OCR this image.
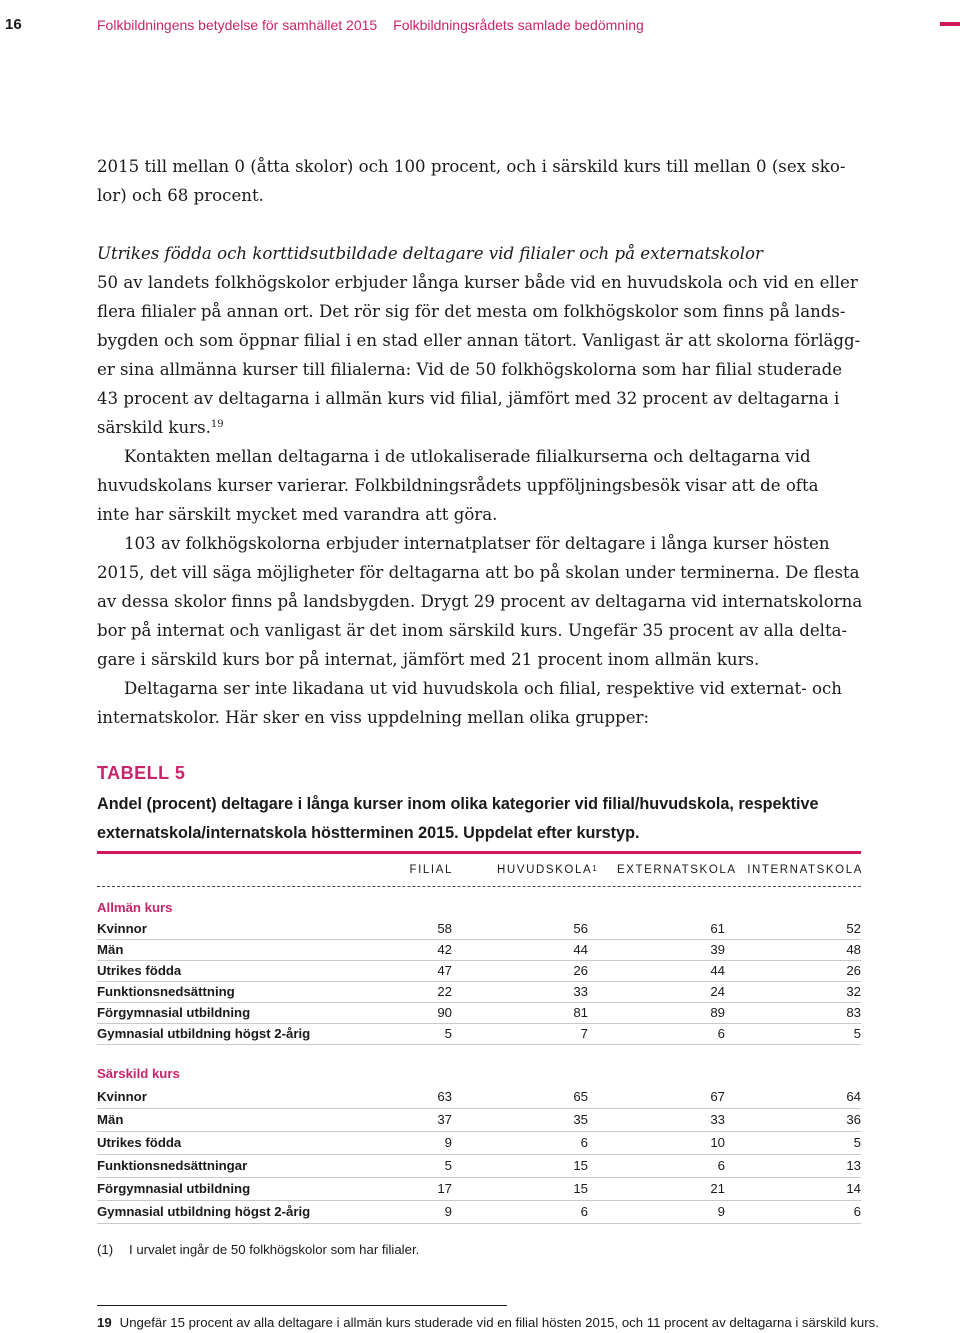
16	Folkbildningens betydelse för samhället 2015 Folkbildningsrådets samlade bedömning

2015 till mellan 0 (åtta skolor) och 100 procent, och i särskild kurs till mellan 0 (sex sko-
lor) och 68 procent.

Utrikes födda och korttidsutbildade deltagare vid filialer och på externatskolor

50 av landets folkhögskolor erbjuder långa kurser både vid en huvudskola och vid en eller
flera filialer på annan ort. Det rör sig för det mesta om folkhögskolor som finns på lands-
bygden och som öppnar filial i en stad eller annan tätort. Vanligast är att skolorna förlägg-
er sina allmänna kurser till filialerna: Vid de 50 folkhögskolorna som har filial studerade
43 procent av deltagarna i allmän kurs vid filial, jämfört med 32 procent av deltagarna i
särskild kurs.$^{19}$

Kontakten mellan deltagarna i de utlokaliserade filialkurserna och deltagarna vid
huvudskolans kurser varierar. Folkbildningsrådets uppföljningsbesök visar att de ofta
inte har särskilt mycket med varandra att göra.

103 av folkhögskolorna erbjuder internatplatser för deltagare i långa kurser hösten
2015, det vill säga möjligheter för deltagarna att bo på skolan under terminerna. De flesta
av dessa skolor finns på landsbygden. Drygt 29 procent av deltagarna vid internatskolorna
bor på internat och vanligast är det inom särskild kurs. Ungefär 35 procent av alla delta-
gare i särskild kurs bor på internat, jämfört med 21 procent inom allmän kurs.

Deltagarna ser inte likadana ut vid huvudskola och filial, respektive vid externat- och
internatskolor. Här sker en viss uppdelning mellan olika grupper:

TABELL 5
Andel (procent) deltagare i långa kurser inom olika kategorier vid filial/huvudskola, respektive
externatskola/internatskola höstterminen 2015. Uppdelat efter kurstyp.
FILIAL	HUVUDSKOLA$^1$ EXTERNATSKOLA INTERNATSKOLA
Allmän kurs
Kvinnor	58	56	61	52
Män	42	44	39	48
Utrikes födda	47	26	44	26
Funktionsnedsättning	22	33	24	32
Förgymnasial utbildning	90	81	89	83
Gymnasial utbildning högst 2-årig	5	7	6	5
Särskild kurs
Kvinnor	63	65	67	64
Män	37	35	33	36
Utrikes födda	9	6	10	5
Funktionsnedsättningar	5	15	6	13
Förgymnasial utbildning	17	15	21	14
Gymnasial utbildning högst 2-årig	9	6	9	6
(1) I urvalet ingår de 50 folkhögskolor som har filialer.
19 Ungefär 15 procent av alla deltagare i allmän kurs studerade vid en filial hösten 2015, och 11 procent av deltagarna i särskild kurs.
